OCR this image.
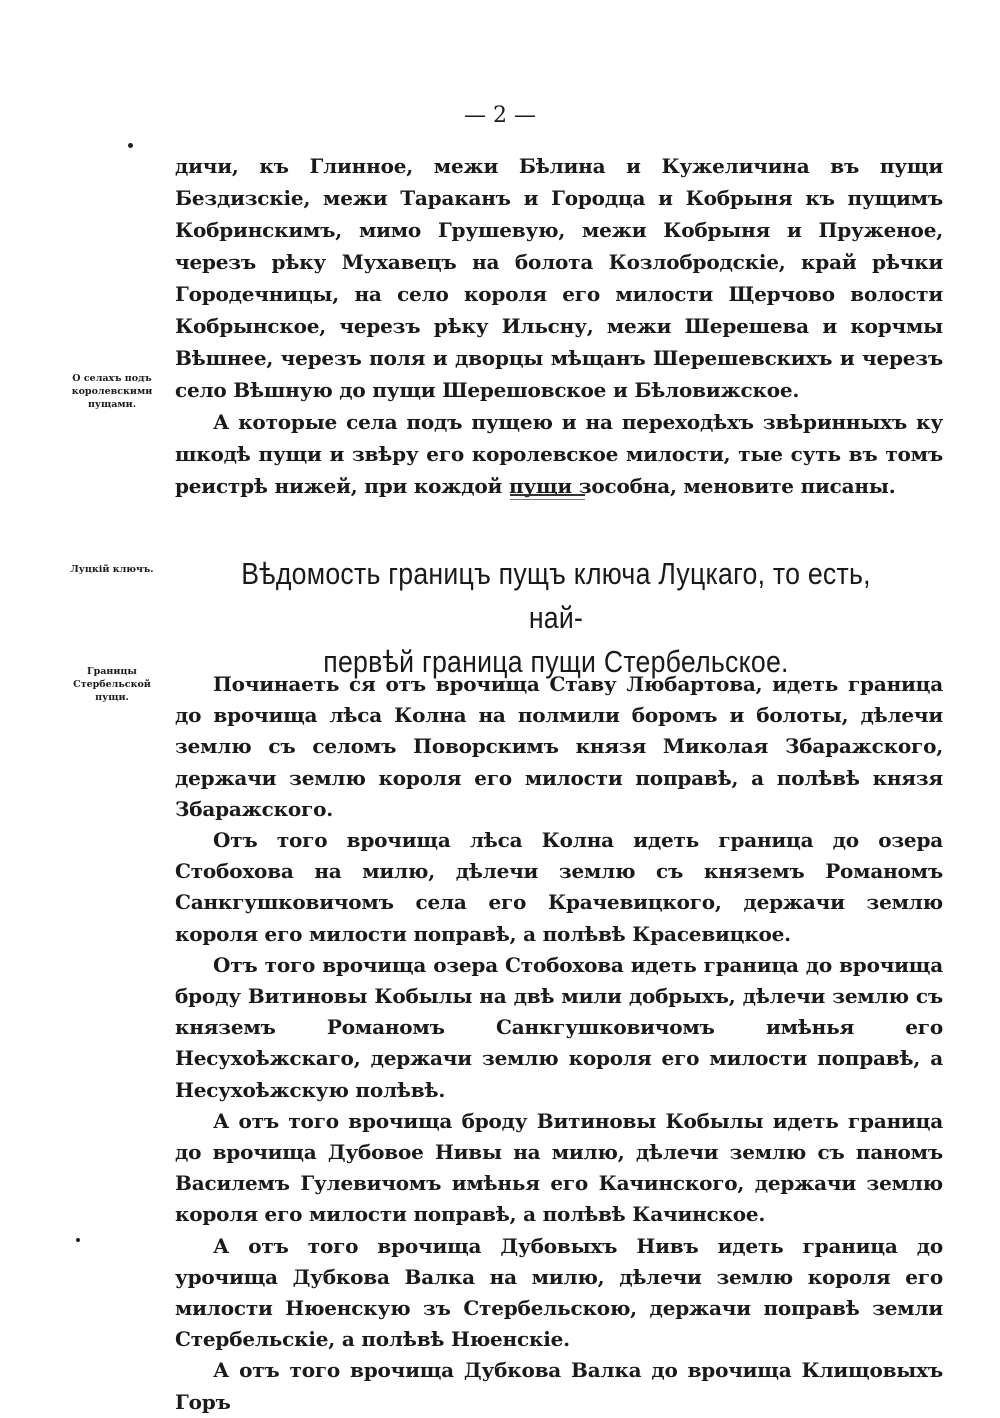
— 2 —
О селахъ подъ королевскими пущами.
Луцкій ключъ.
Границы Стербельской пущи.

дичи, къ Глинное, межи Бѣлина и Кужеличина въ пущи Бездизскіе, межи Тараканъ и Городца и Кобрыня къ пущимъ Кобринскимъ, мимо Грушевую, межи Кобрыня и Пруженое, черезъ рѣку Мухавецъ на болота Козлобродскіе, край рѣчки Городечницы, на село короля его милости Щерчово волости Кобрынское, черезъ рѣку Ильсну, межи Шерешева и корчмы Вѣшнее, черезъ поля и дворцы мѣщанъ Шерешевскихъ и черезъ село Вѣшную до пущи Шерешовское и Бѣловижское.

А которые села подъ пущею и на переходѣхъ звѣринныхъ ку шкодѣ пущи и звѣру его королевское милости, тые суть въ томъ реистрѣ нижей, при кождой пущи зособна, меновите писаны.

Вѣдомость границъ пущъ ключа Луцкаго, то есть, най-
первѣй граница пущи Стербельское.

Починаеть ся отъ врочища Ставу Любартова, идеть граница до врочища лѣса Колна на полмили боромъ и болоты, дѣлечи землю съ селомъ Поворскимъ князя Миколая Збаражского, держачи землю короля его милости поправѣ, а полѣвѣ князя Збаражского.

Отъ того врочища лѣса Колна идеть граница до озера Стобохова на милю, дѣлечи землю съ княземъ Романомъ Санкгушковичомъ села его Крачевицкого, держачи землю короля его милости поправѣ, а полѣвѣ Краcевицкое.

Отъ того врочища озера Стобохова идеть граница до врочища броду Витиновы Кобылы на двѣ мили добрыхъ, дѣлечи землю съ княземъ Романомъ Санкгушковичомъ имѣнья его Несухоѣжскаго, держачи землю короля его милости поправѣ, а Несухоѣжскую полѣвѣ.

А отъ того врочища броду Витиновы Кобылы идеть граница до врочища Дубовое Нивы на милю, дѣлечи землю съ паномъ Василемъ Гулевичомъ имѣнья его Качинского, держачи землю короля его милости поправѣ, а полѣвѣ Качинское.

А отъ того врочища Дубовыхъ Нивъ идеть граница до урочища Дубкова Валка на милю, дѣлечи землю короля его милости Нюенскую зъ Стербельскою, держачи поправѣ земли Стербельскіе, а полѣвѣ Нюенскіе.

А отъ того врочища Дубкова Валка до врочища Клищовыхъ Горъ
